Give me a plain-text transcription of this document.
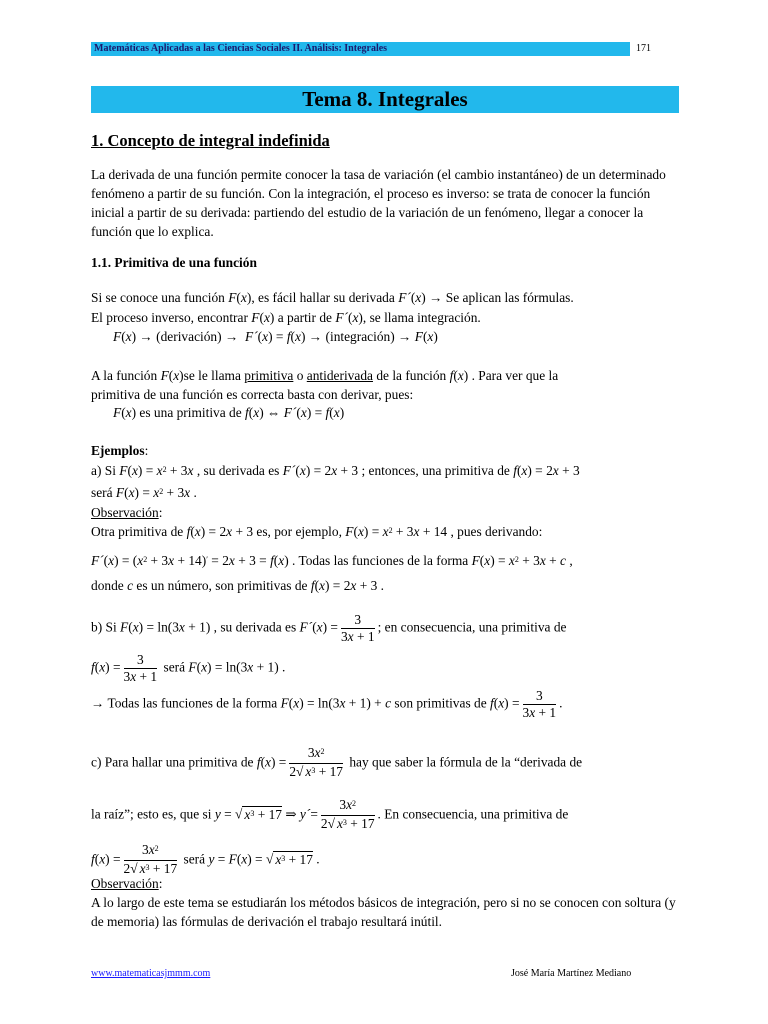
Matemáticas Aplicadas a las Ciencias Sociales II. Análisis: Integrales	171
Tema 8. Integrales
1. Concepto de integral indefinida
La derivada de una función permite conocer la tasa de variación (el cambio instantáneo) de un determinado fenómeno a partir de su función. Con la integración, el proceso es inverso: se trata de conocer la función inicial a partir de su derivada: partiendo del estudio de la variación de un fenómeno, llegar a conocer la función que lo explica.
1.1. Primitiva de una función
Si se conoce una función F(x), es fácil hallar su derivada F´(x) → Se aplican las fórmulas.
El proceso inverso, encontrar F(x) a partir de F´(x), se llama integración.
F(x) → (derivación) →  F´(x) = f(x) → (integración) → F(x)
A la función F(x)se le llama primitiva o antiderivada de la función f(x) . Para ver que la
primitiva de una función es correcta basta con derivar, pues:
F(x) es una primitiva de f(x) ⇔ F´(x) = f(x)
Ejemplos:
a) Si $F(x) = x^2 + 3x$ , su derivada es F´(x) = 2x + 3 ; entonces, una primitiva de f(x) = 2x + 3
será $F(x) = x^2 + 3x$ .
Observación:
Otra primitiva de f(x) = 2x + 3 es, por ejemplo, $F(x) = x^2 + 3x + 14$ , pues derivando:
F´(x) = $(x^2 + 3x + 14)' = 2x + 3 = f(x)$ . Todas las funciones de la forma $F(x) = x^2 + 3x + c$ ,
donde c es un número, son primitivas de f(x) = 2x + 3 .
b) Si F(x) = ln(3x + 1) , su derivada es F´(x) = $\frac{3}{3x + 1}$ ; en consecuencia, una primitiva de
$f(x) = \frac{3}{3x + 1}$ será F(x) = ln(3x + 1) .
→ Todas las funciones de la forma F(x) = ln(3x + 1) + c son primitivas de $f(x) = \frac{3}{3x + 1}$ .
c) Para hallar una primitiva de $f(x) = \frac{3x^2}{2√ x^3 + 17}$ hay que saber la fórmula de la “derivada de
la raíz”; esto es, que si y = √ $x^3 + 17$ ⇒ y´= $\frac{3x^2}{2√ x^3 + 17}$ . En consecuencia, una primitiva de
$f(x) = \frac{3x^2}{2√ x^3 + 17}$ será y = F(x) = √ $x^3 + 17$ .
Observación:
A lo largo de este tema se estudiarán los métodos básicos de integración, pero si no se conocen con soltura (y de memoria) las fórmulas de derivación el trabajo resultará inútil.
www.matematicasjmmm.com	José María Martínez Mediano
